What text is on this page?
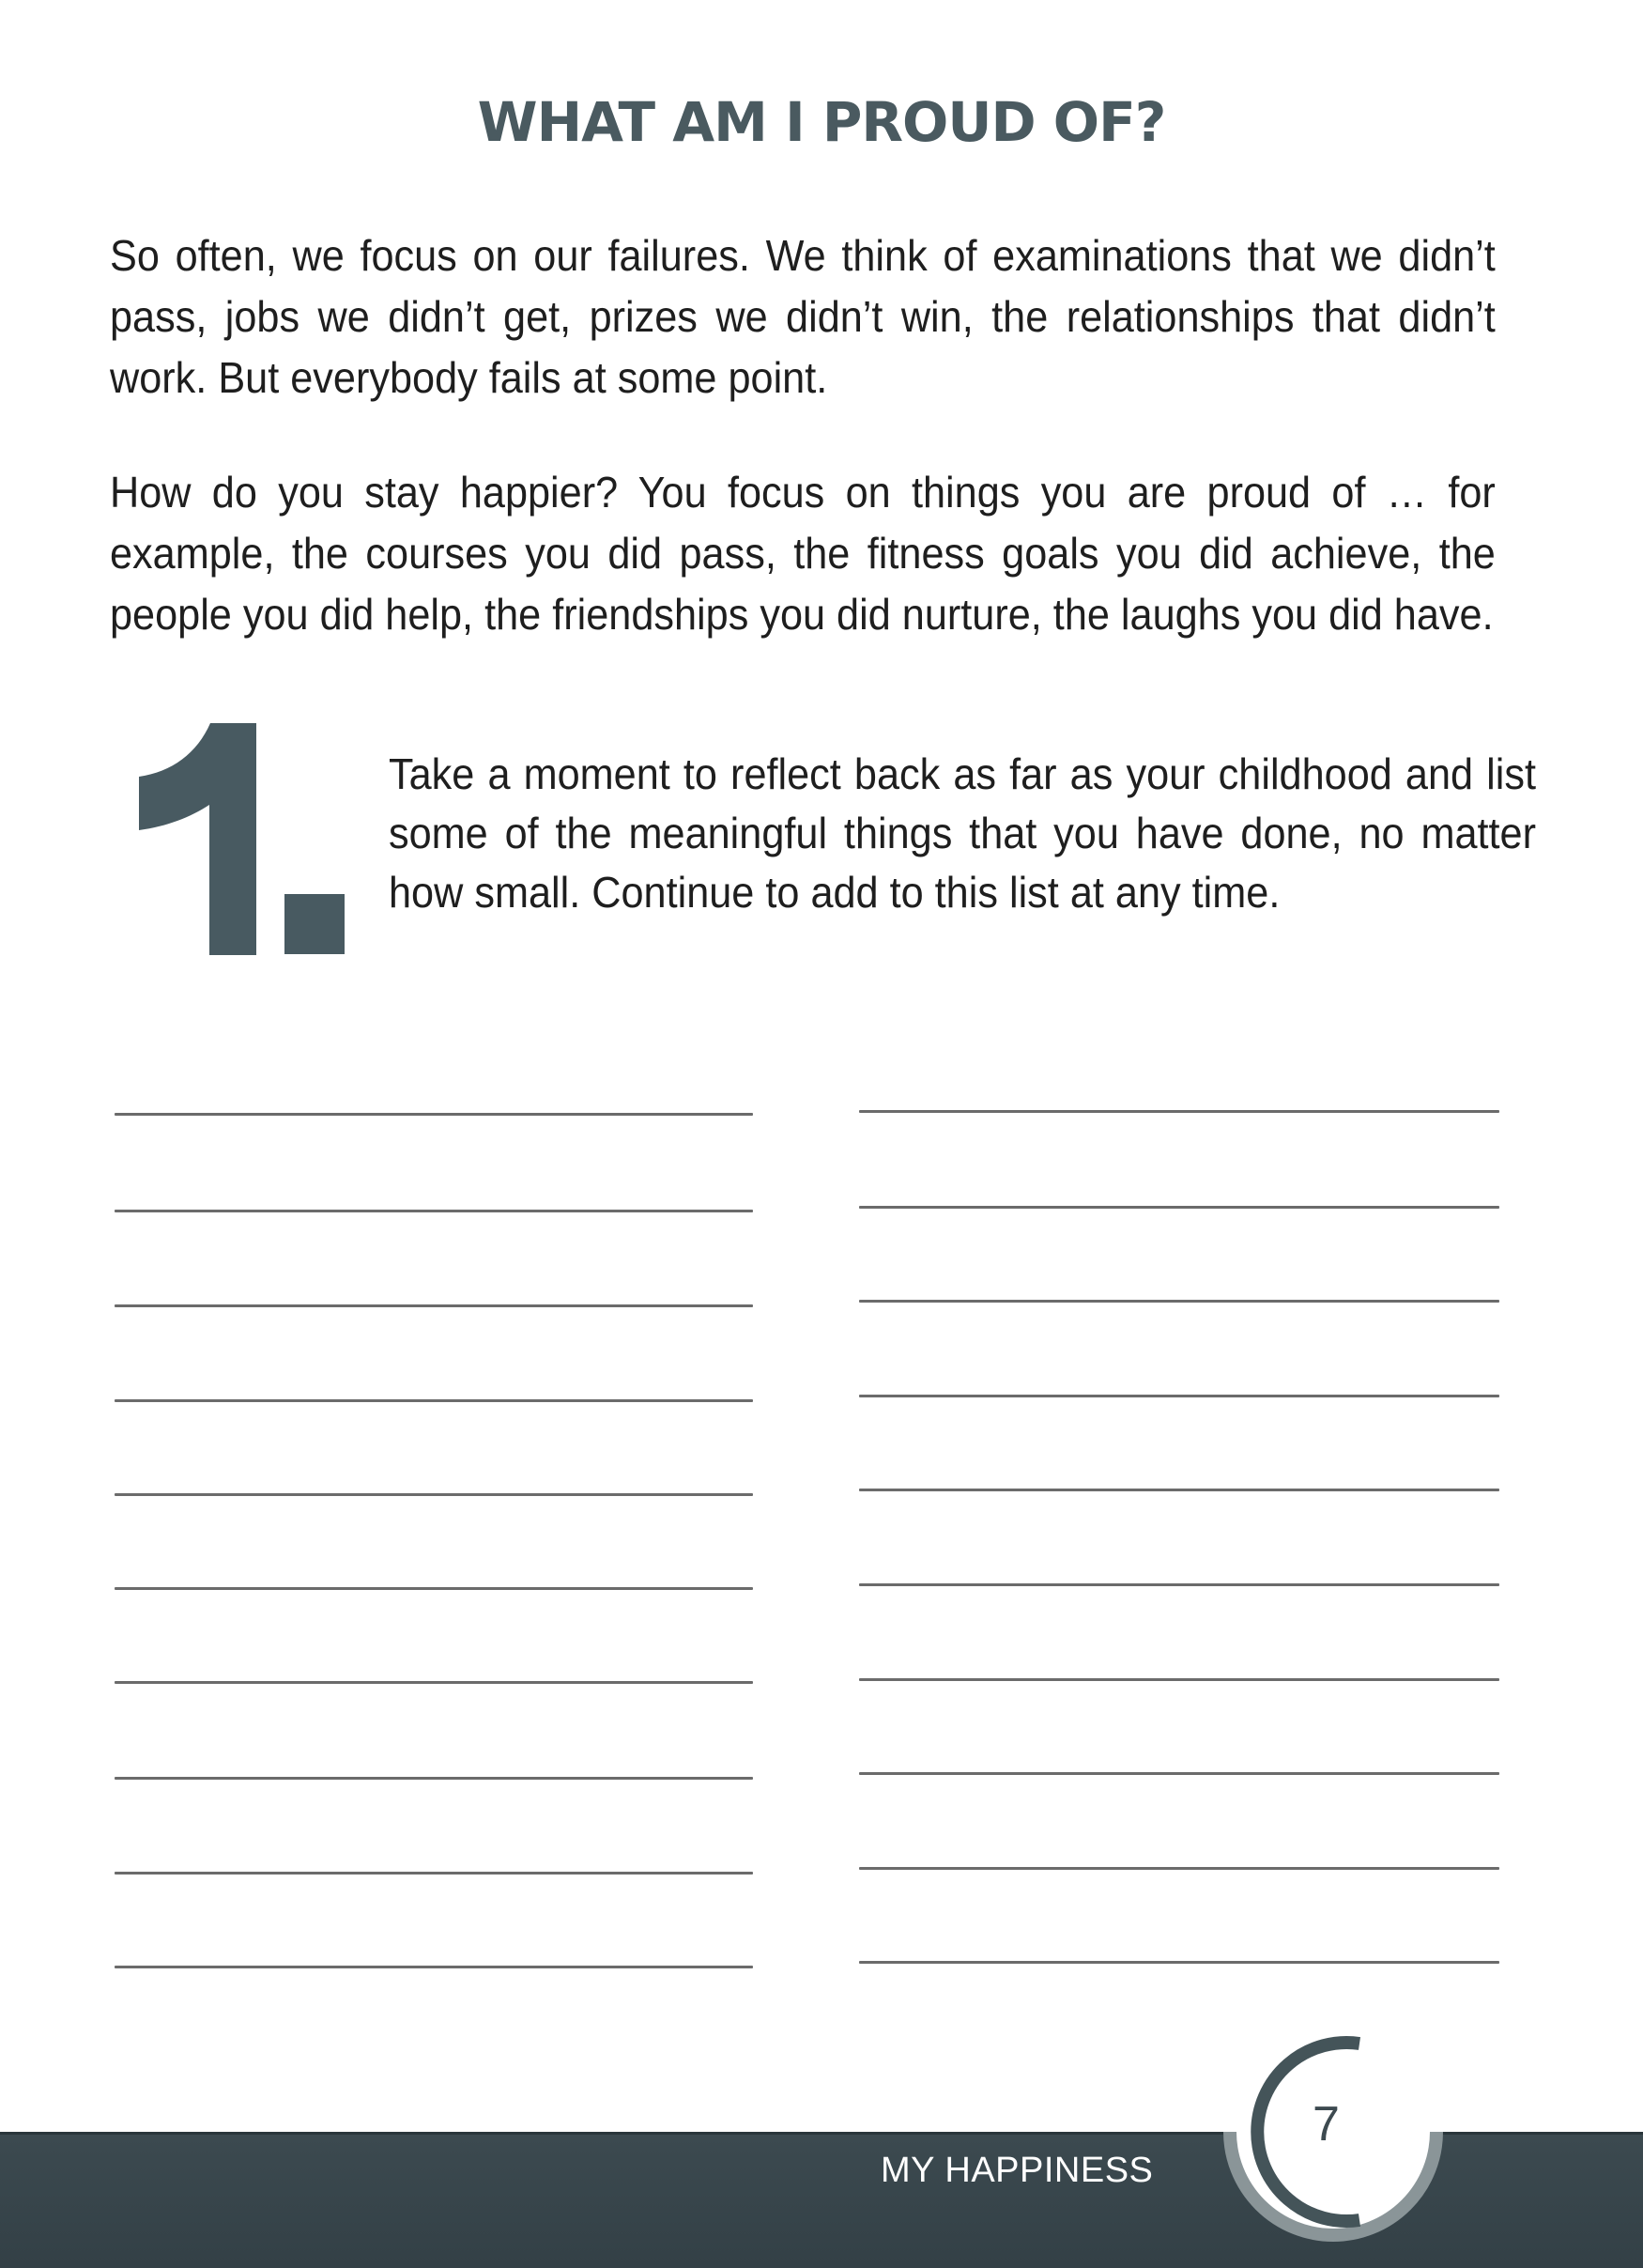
WHAT AM I PROUD OF?
So often, we focus on our failures. We think of examinations that we didn’t pass, jobs we didn’t get, prizes we didn’t win, the relationships that didn’t work. But everybody fails at some point.
How do you stay happier? You focus on things you are proud of … for example, the courses you did pass, the fitness goals you did achieve, the people you did help, the friendships you did nurture, the laughs you did have.
Take a moment to reflect back as far as your childhood and list some of the meaningful things that you have done, no matter how small. Continue to add to this list at any time.
MY HAPPINESS
7
